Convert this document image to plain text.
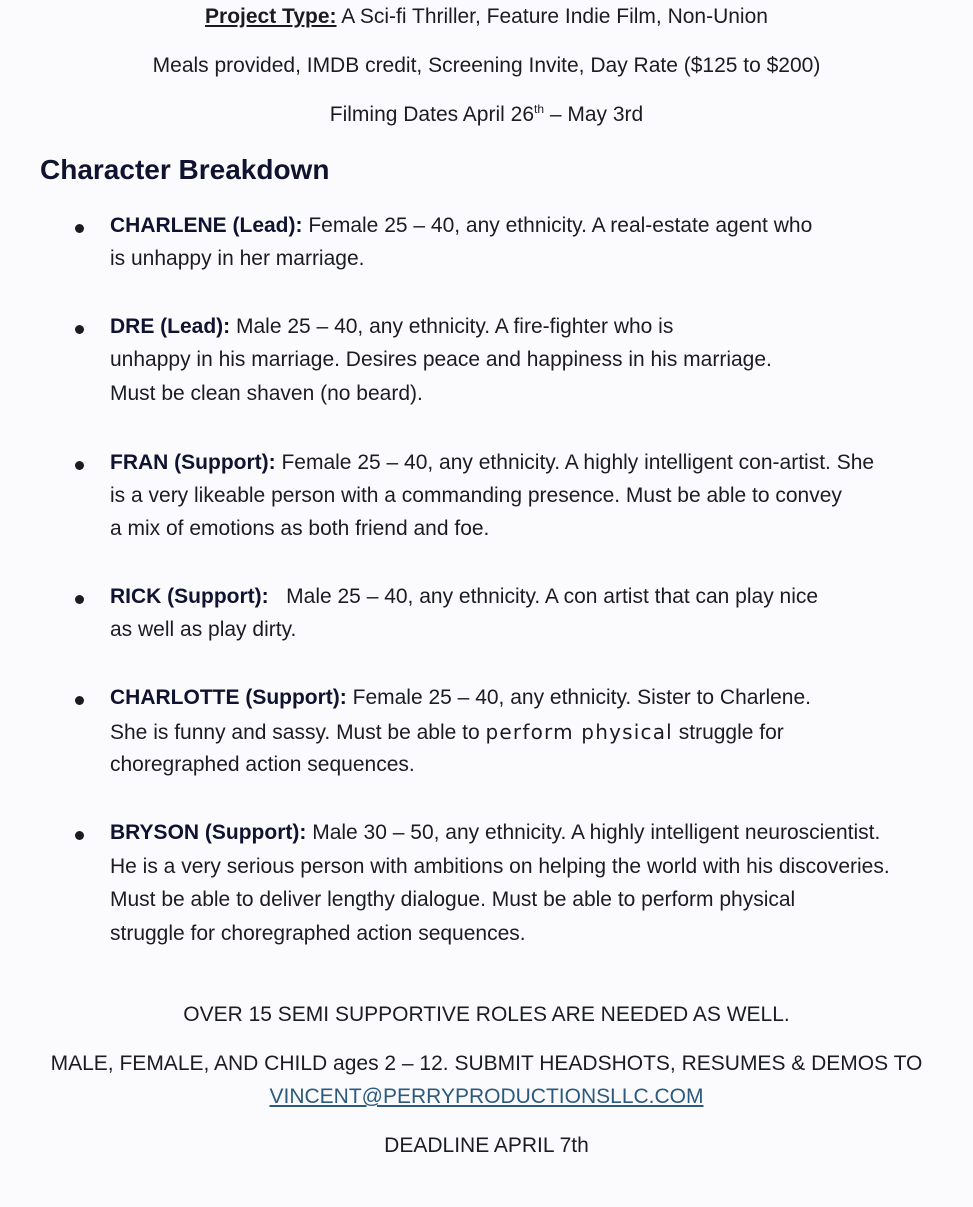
Project Type: A Sci-fi Thriller, Feature Indie Film, Non-Union
Meals provided, IMDB credit, Screening Invite, Day Rate ($125 to $200)
Filming Dates April 26th – May 3rd
Character Breakdown
CHARLENE (Lead): Female 25 – 40, any ethnicity. A real-estate agent who
is unhappy in her marriage.
DRE (Lead): Male 25 – 40, any ethnicity. A fire-fighter who is
unhappy in his marriage. Desires peace and happiness in his marriage.
Must be clean shaven (no beard).
FRAN (Support): Female 25 – 40, any ethnicity. A highly intelligent con-artist. She
is a very likeable person with a commanding presence. Must be able to convey
a mix of emotions as both friend and foe.
RICK (Support):   Male 25 – 40, any ethnicity. A con artist that can play nice
as well as play dirty.
CHARLOTTE (Support): Female 25 – 40, any ethnicity. Sister to Charlene.
She is funny and sassy. Must be able to perform physical struggle for
choregraphed action sequences.
BRYSON (Support): Male 30 – 50, any ethnicity. A highly intelligent neuroscientist.
He is a very serious person with ambitions on helping the world with his discoveries.
Must be able to deliver lengthy dialogue. Must be able to perform physical
struggle for choregraphed action sequences.
OVER 15 SEMI SUPPORTIVE ROLES ARE NEEDED AS WELL.
MALE, FEMALE, AND CHILD ages 2 – 12. SUBMIT HEADSHOTS, RESUMES & DEMOS TO
VINCENT@PERRYPRODUCTIONSLLC.COM
DEADLINE APRIL 7th
